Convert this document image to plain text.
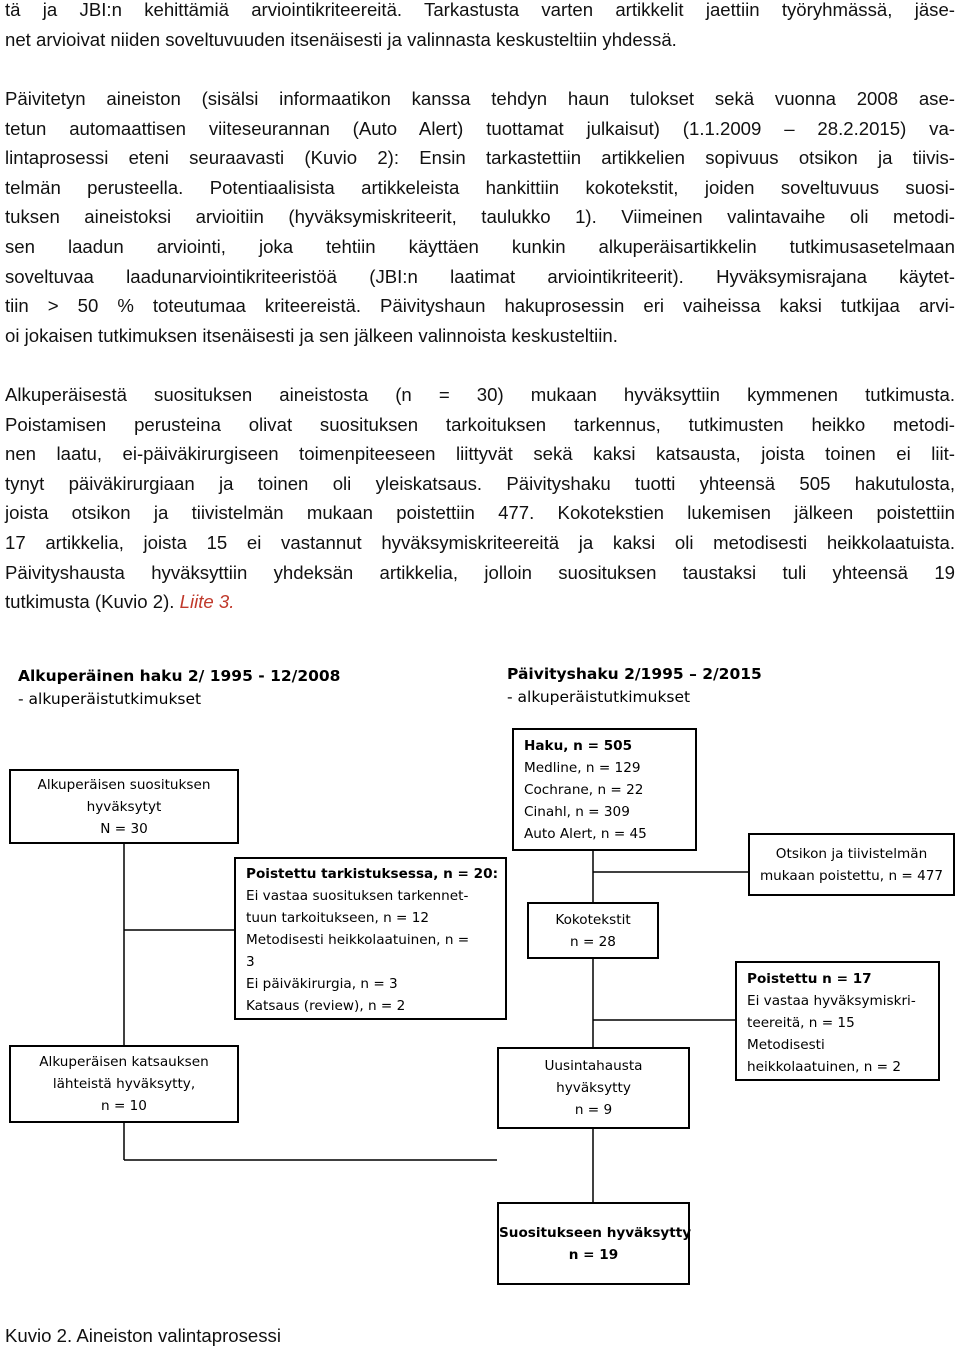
tä ja JBI:n kehittämiä arviointikriteereitä. Tarkastusta varten artikkelit jaettiin työryhmässä, jäse-
net arvioivat niiden soveltuvuuden itsenäisesti ja valinnasta keskusteltiin yhdessä.
Päivitetyn aineiston (sisälsi informaatikon kanssa tehdyn haun tulokset sekä vuonna 2008 ase-
tetun automaattisen viiteseurannan (Auto Alert) tuottamat julkaisut) (1.1.2009 – 28.2.2015) va-
lintaprosessi eteni seuraavasti (Kuvio 2): Ensin tarkastettiin artikkelien sopivuus otsikon ja tiivis-
telmän perusteella. Potentiaalisista artikkeleista hankittiin kokotekstit, joiden soveltuvuus suosi-
tuksen aineistoksi arvioitiin (hyväksymiskriteerit, taulukko 1). Viimeinen valintavaihe oli metodi-
sen laadun arviointi, joka tehtiin käyttäen kunkin alkuperäisartikkelin tutkimusasetelmaan
soveltuvaa laadunarviointikriteeristöä (JBI:n laatimat arviointikriteerit). Hyväksymisrajana käytet-
tiin > 50 % toteutumaa kriteereistä. Päivityshaun hakuprosessin eri vaiheissa kaksi tutkijaa arvi-
oi jokaisen tutkimuksen itsenäisesti ja sen jälkeen valinnoista keskusteltiin.
Alkuperäisestä suosituksen aineistosta (n = 30) mukaan hyväksyttiin kymmenen tutkimusta.
Poistamisen perusteina olivat suosituksen tarkoituksen tarkennus, tutkimusten heikko metodi-
nen laatu, ei-päiväkirurgiseen toimenpiteeseen liittyvät sekä kaksi katsausta, joista toinen ei liit-
tynyt päiväkirurgiaan ja toinen oli yleiskatsaus. Päivityshaku tuotti yhteensä 505 hakutulosta,
joista otsikon ja tiivistelmän mukaan poistettiin 477. Kokotekstien lukemisen jälkeen poistettiin
17 artikkelia, joista 15 ei vastannut hyväksymiskriteereitä ja kaksi oli metodisesti heikkolaatuista.
Päivityshausta hyväksyttiin yhdeksän artikkelia, jolloin suosituksen taustaksi tuli yhteensä 19
tutkimusta (Kuvio 2). Liite 3.
Alkuperäinen haku 2/ 1995 - 12/2008
- alkuperäistutkimukset
Päivityshaku 2/1995 – 2/2015
- alkuperäistutkimukset
Alkuperäisen suosituksen
hyväksytyt
N = 30
Poistettu tarkistuksessa, n = 20:
Ei vastaa suosituksen tarkennet-
tuun tarkoitukseen, n = 12
Metodisesti heikkolaatuinen, n =
3
Ei päiväkirurgia, n = 3
Katsaus (review), n = 2
Alkuperäisen katsauksen
lähteistä hyväksytty,
n = 10
Haku, n = 505
Medline, n = 129
Cochrane, n = 22
Cinahl, n = 309
Auto Alert, n = 45
Otsikon ja tiivistelmän
mukaan poistettu, n = 477
Kokotekstit
n = 28
Poistettu n = 17
Ei vastaa hyväksymiskri-
teereitä, n = 15
Metodisesti
heikkolaatuinen, n = 2
Uusintahausta
hyväksytty
n = 9
Suositukseen hyväksytty
n = 19
Kuvio 2. Aineiston valintaprosessi
